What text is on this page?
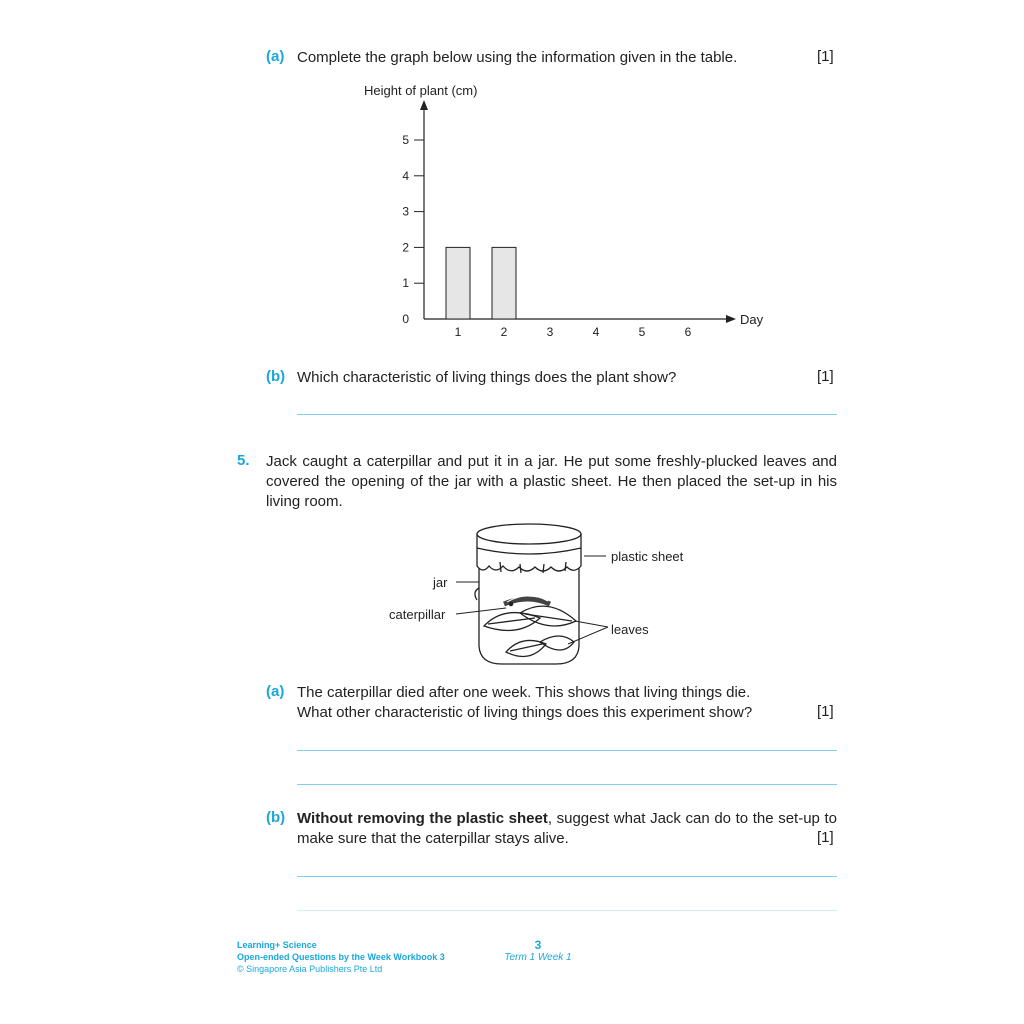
(a) Complete the graph below using the information given in the table.	[1]
Height of plant (cm)
Day
0
1
2
3
4
5
1	2	3	4	5	6
(b) Which characteristic of living things does the plant show?	[1]
5. Jack caught a caterpillar and put it in a jar. He put some freshly-plucked leaves and covered the opening of the jar with a plastic sheet. He then placed the set-up in his living room.
plastic sheet
jar
caterpillar
leaves
(a) The caterpillar died after one week. This shows that living things die.
What other characteristic of living things does this experiment show?	[1]
(b) Without removing the plastic sheet, suggest what Jack can do to the set-up to make sure that the caterpillar stays alive.	[1]
Learning+ Science
Open-ended Questions by the Week Workbook 3
© Singapore Asia Publishers Pte Ltd
3
Term 1 Week 1
